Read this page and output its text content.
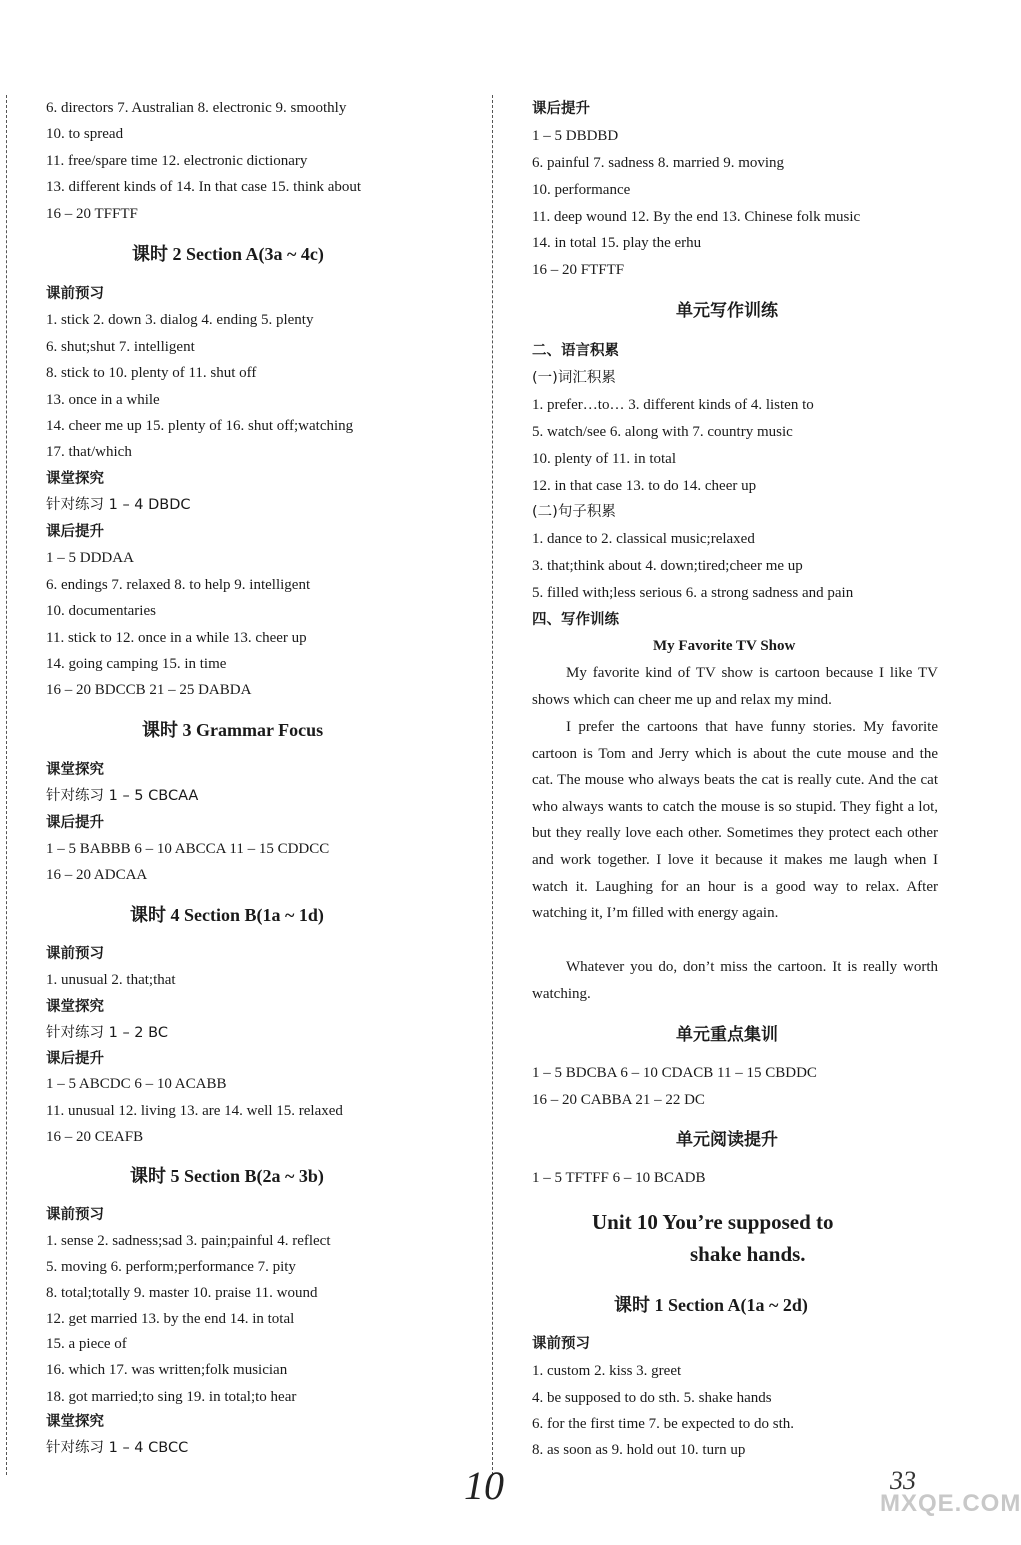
6. directors 7. Australian 8. electronic 9. smoothly
10. to spread
11. free/spare time 12. electronic dictionary
13. different kinds of 14. In that case 15. think about
16 – 20 TFFTF
课时 2 Section A(3a ~ 4c)
课前预习
1. stick 2. down 3. dialog 4. ending 5. plenty
6. shut;shut 7. intelligent
8. stick to 10. plenty of 11. shut off
13. once in a while
14. cheer me up 15. plenty of 16. shut off;watching
17. that/which
课堂探究
针对练习 1 – 4 DBDC
课后提升
1 – 5 DDDAA
6. endings 7. relaxed 8. to help 9. intelligent
10. documentaries
11. stick to 12. once in a while 13. cheer up
14. going camping 15. in time
16 – 20 BDCCB 21 – 25 DABDA
课时 3 Grammar Focus
课堂探究
针对练习 1 – 5 CBCAA
课后提升
1 – 5 BABBB 6 – 10 ABCCA 11 – 15 CDDCC
16 – 20 ADCAA
课时 4 Section B(1a ~ 1d)
课前预习
1. unusual 2. that;that
课堂探究
针对练习 1 – 2 BC
课后提升
1 – 5 ABCDC 6 – 10 ACABB
11. unusual 12. living 13. are 14. well 15. relaxed
16 – 20 CEAFB
课时 5 Section B(2a ~ 3b)
课前预习
1. sense 2. sadness;sad 3. pain;painful 4. reflect
5. moving 6. perform;performance 7. pity
8. total;totally 9. master 10. praise 11. wound
12. get married 13. by the end 14. in total
15. a piece of
16. which 17. was written;folk musician
18. got married;to sing 19. in total;to hear
课堂探究
针对练习 1 – 4 CBCC
课后提升
1 – 5 DBDBD
6. painful 7. sadness 8. married 9. moving
10. performance
11. deep wound 12. By the end 13. Chinese folk music
14. in total 15. play the erhu
16 – 20 FTFTF
单元写作训练
二、语言积累
(一)词汇积累
1. prefer…to… 3. different kinds of 4. listen to
5. watch/see 6. along with 7. country music
10. plenty of 11. in total
12. in that case 13. to do 14. cheer up
(二)句子积累
1. dance to 2. classical music;relaxed
3. that;think about 4. down;tired;cheer me up
5. filled with;less serious 6. a strong sadness and pain
四、写作训练
My Favorite TV Show
My favorite kind of TV show is cartoon because I like TV shows which can cheer me up and relax my mind.
I prefer the cartoons that have funny stories. My favorite cartoon is Tom and Jerry which is about the cute mouse and the cat. The mouse who always beats the cat is really cute. And the cat who always wants to catch the mouse is so stupid. They fight a lot, but they really love each other. Sometimes they protect each other and work together. I love it because it makes me laugh when I watch it. Laughing for an hour is a good way to relax. After watching it, I’m filled with energy again.
Whatever you do, don’t miss the cartoon. It is really worth watching.
单元重点集训
1 – 5 BDCBA 6 – 10 CDACB 11 – 15 CBDDC
16 – 20 CABBA 21 – 22 DC
单元阅读提升
1 – 5 TFTFF 6 – 10 BCADB
Unit 10 You’re supposed to
shake hands.
课时 1 Section A(1a ~ 2d)
课前预习
1. custom 2. kiss 3. greet
4. be supposed to do sth. 5. shake hands
6. for the first time 7. be expected to do sth.
8. as soon as 9. hold out 10. turn up
10	33
MXQE.COM
